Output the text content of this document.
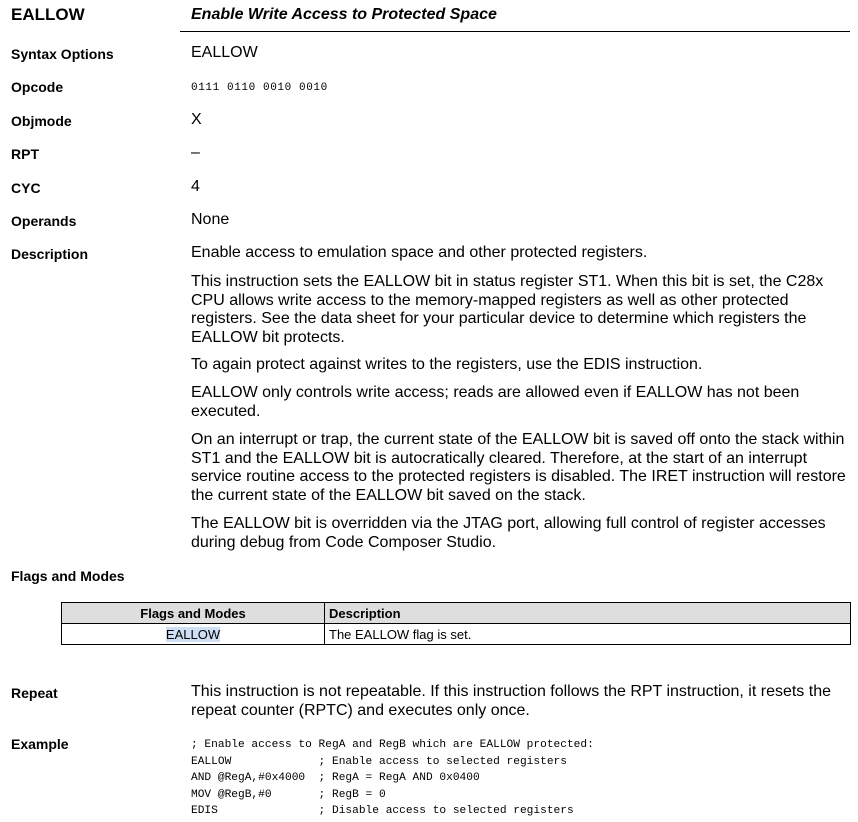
EALLOW	Enable Write Access to Protected Space
Syntax Options	EALLOW
Opcode	0111 0110 0010 0010
Objmode	X
RPT	–
CYC	4
Operands	None
Description	Enable access to emulation space and other protected registers.

This instruction sets the EALLOW bit in status register ST1. When this bit is set, the C28x CPU allows write access to the memory-mapped registers as well as other protected registers. See the data sheet for your particular device to determine which registers the EALLOW bit protects.

To again protect against writes to the registers, use the EDIS instruction.

EALLOW only controls write access; reads are allowed even if EALLOW has not been executed.

On an interrupt or trap, the current state of the EALLOW bit is saved off onto the stack within ST1 and the EALLOW bit is autocratically cleared. Therefore, at the start of an interrupt service routine access to the protected registers is disabled. The IRET instruction will restore the current state of the EALLOW bit saved on the stack.

The EALLOW bit is overridden via the JTAG port, allowing full control of register accesses during debug from Code Composer Studio.

Flags and Modes
Flags and Modes	Description
EALLOW	The EALLOW flag is set.
Repeat	This instruction is not repeatable. If this instruction follows the RPT instruction, it resets the repeat counter (RPTC) and executes only once.

Example	; Enable access to RegA and RegB which are EALLOW protected:
EALLOW             ; Enable access to selected registers
AND @RegA,#0x4000  ; RegA = RegA AND 0x0400
MOV @RegB,#0       ; RegB = 0
EDIS               ; Disable access to selected registers
